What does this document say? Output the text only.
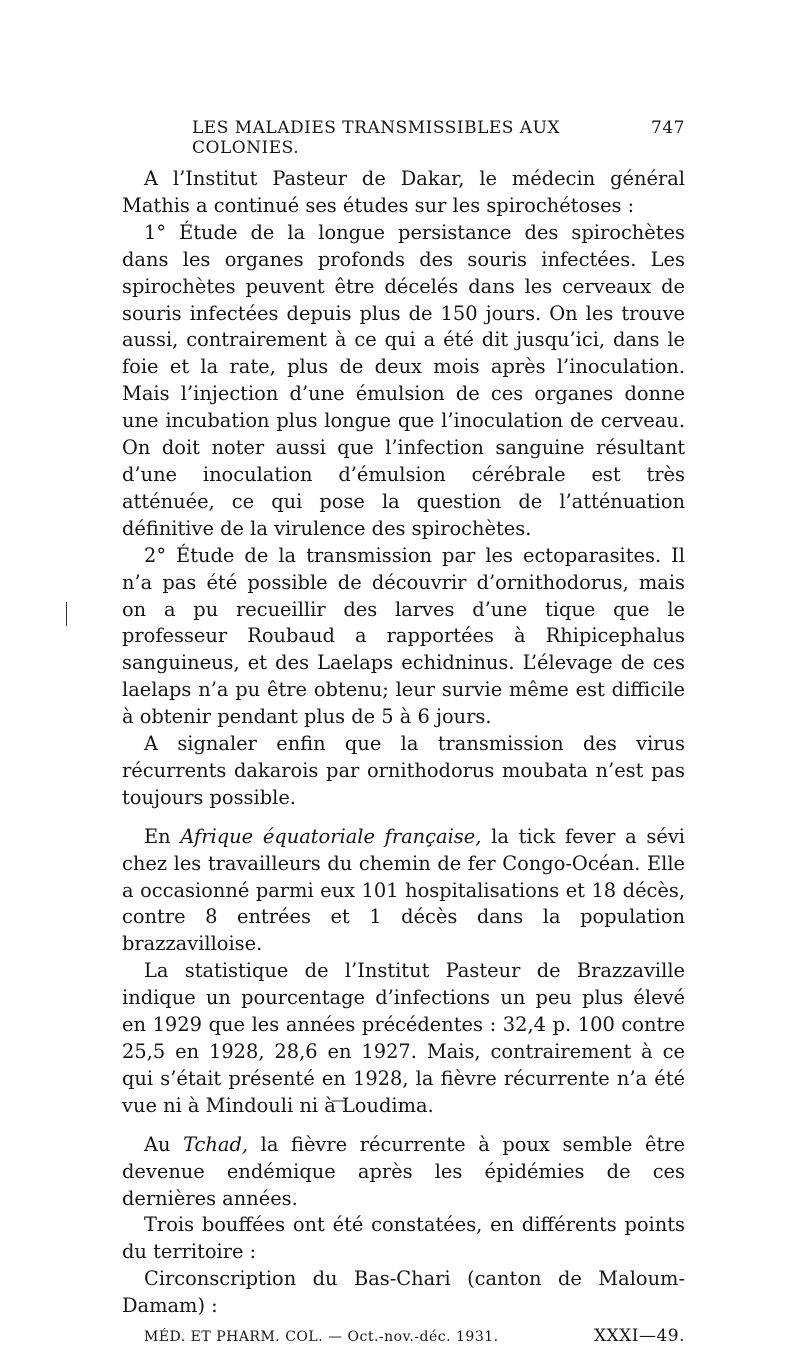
LES MALADIES TRANSMISSIBLES AUX COLONIES.
747

A l’Institut Pasteur de Dakar, le médecin général Mathis a continué ses études sur les spirochétoses :

1° Étude de la longue persistance des spirochètes dans les organes profonds des souris infectées. Les spirochètes peuvent être décelés dans les cerveaux de souris infectées depuis plus de 150 jours. On les trouve aussi, contrairement à ce qui a été dit jusqu’ici, dans le foie et la rate, plus de deux mois après l’inoculation. Mais l’injection d’une émulsion de ces organes donne une incubation plus longue que l’inoculation de cerveau. On doit noter aussi que l’infection sanguine résultant d’une inoculation d’émulsion cérébrale est très atténuée, ce qui pose la question de l’atténuation définitive de la virulence des spirochètes.

2° Étude de la transmission par les ectoparasites. Il n’a pas été possible de découvrir d’ornithodorus, mais on a pu recueillir des larves d’une tique que le professeur Roubaud a rapportées à Rhipicephalus sanguineus, et des Laelaps echidninus. L’élevage de ces laelaps n’a pu être obtenu; leur survie même est difficile à obtenir pendant plus de 5 à 6 jours.

A signaler enfin que la transmission des virus récurrents dakarois par ornithodorus moubata n’est pas toujours possible.

En Afrique équatoriale française, la tick fever a sévi chez les travailleurs du chemin de fer Congo-Océan. Elle a occasionné parmi eux 101 hospitalisations et 18 décès, contre 8 entrées et 1 décès dans la population brazzavilloise.

La statistique de l’Institut Pasteur de Brazzaville indique un pourcentage d’infections un peu plus élevé en 1929 que les années précédentes : 32,4 p. 100 contre 25,5 en 1928, 28,6 en 1927. Mais, contrairement à ce qui s’était présenté en 1928, la fièvre récurrente n’a été vue ni à Mindouli ni à Loudima.

Au Tchad, la fièvre récurrente à poux semble être devenue endémique après les épidémies de ces dernières années.

Trois bouffées ont été constatées, en différents points du territoire :

Circonscription du Bas-Chari (canton de Maloum-Damam) :

MÉD. ET PHARM. COL. — Oct.-nov.-déc. 1931.	XXXI—49.
